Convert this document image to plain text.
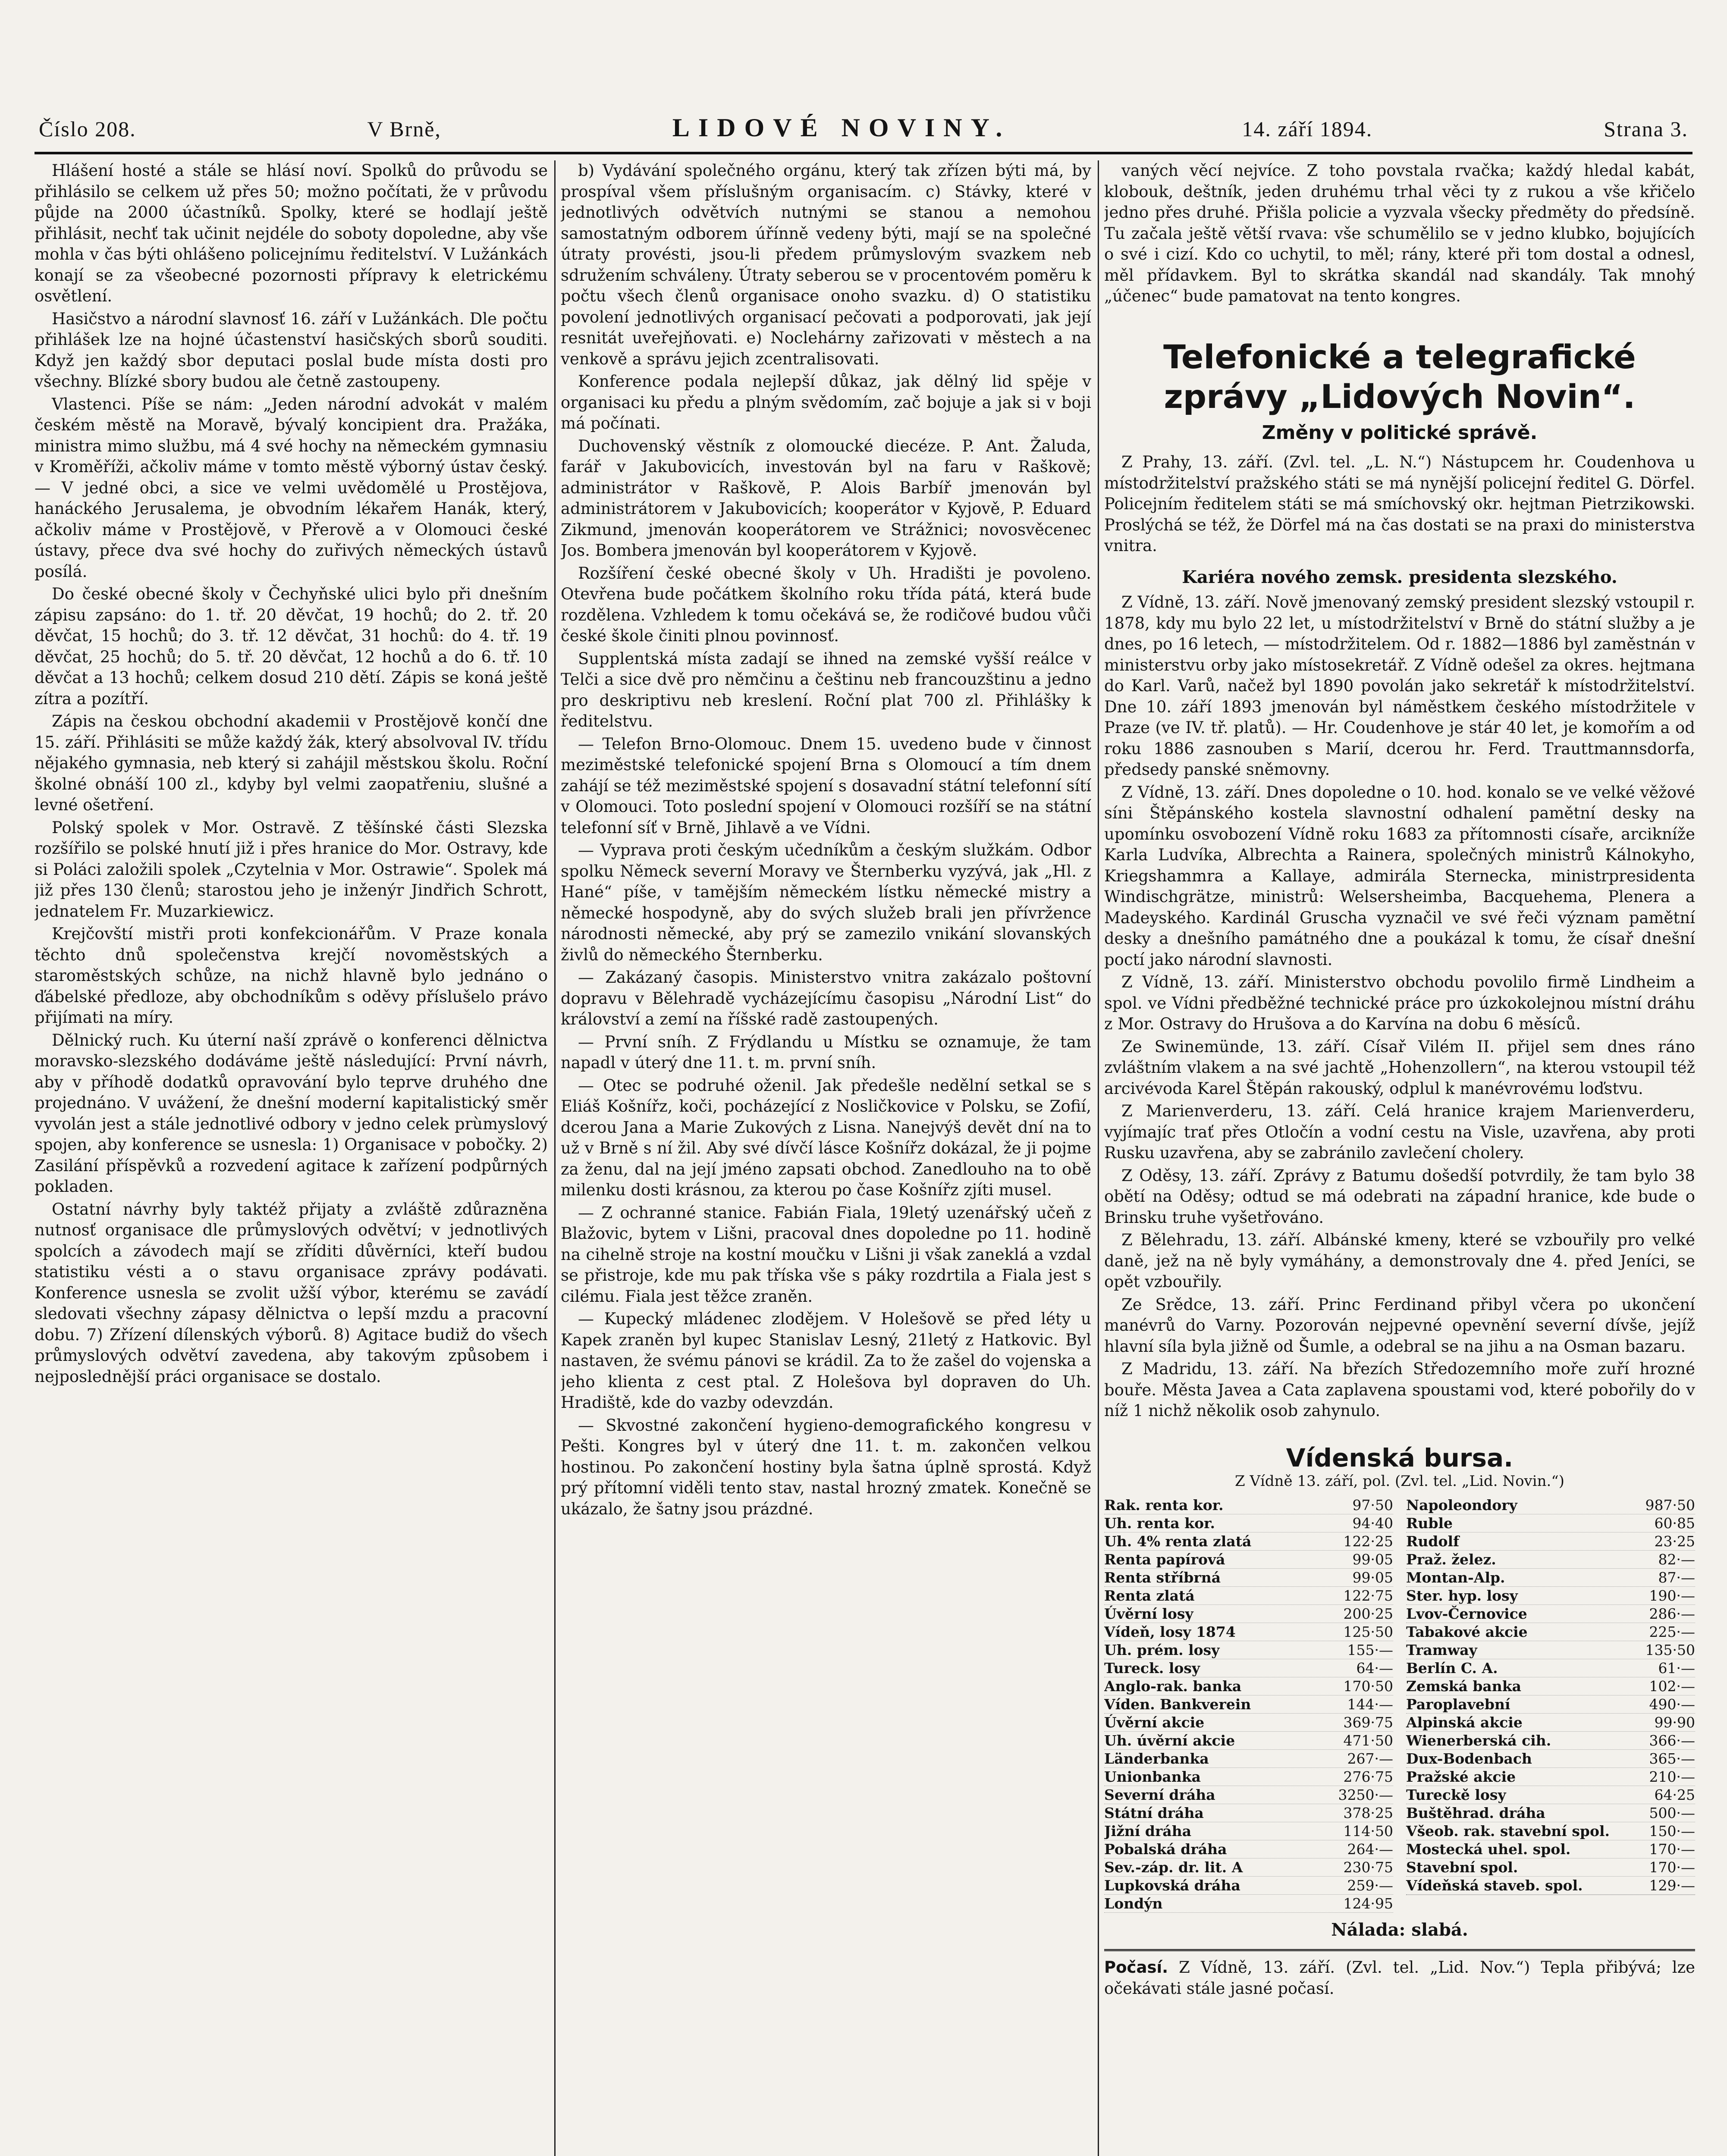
Číslo 208.	V Brně,	LIDOVÉ NOVINY.	14. září 1894.	Strana 3.

Hlášení hosté a stále se hlásí noví. Spolků do průvodu se přihlásilo se celkem už přes 50; možno počítati, že v průvodu půjde na 2000 účastníků. Spolky, které se hodlají ještě přihlásit, nechť tak učinit nejdéle do soboty dopoledne, aby vše mohla v čas býti ohlášeno policejnímu ředitelství. V Lužánkách konají se za všeobecné pozornosti přípravy k eletrickému osvětlení.

Hasičstvo a národní slavnosť 16. září v Lužánkách. Dle počtu přihlášek lze na hojné účastenství hasičských sborů souditi. Když jen každý sbor deputaci poslal bude místa dosti pro všechny. Blízké sbory budou ale četně zastoupeny.

Vlastenci. Píše se nám: „Jeden národní advokát v malém českém městě na Moravě, bývalý koncipient dra. Pražáka, ministra mimo službu, má 4 své hochy na německém gymnasiu v Kroměříži, ačkoliv máme v tomto městě výborný ústav český. — V jedné obci, a sice ve velmi uvědomělé u Prostějova, hanáckého Jerusalema, je obvodním lékařem Hanák, který, ačkoliv máme v Prostějově, v Přerově a v Olomouci české ústavy, přece dva své hochy do zuřivých německých ústavů posílá.

Do české obecné školy v Čechyňské ulici bylo při dnešním zápisu zapsáno: do 1. tř. 20 děvčat, 19 hochů; do 2. tř. 20 děvčat, 15 hochů; do 3. tř. 12 děvčat, 31 hochů: do 4. tř. 19 děvčat, 25 hochů; do 5. tř. 20 děvčat, 12 hochů a do 6. tř. 10 děvčat a 13 hochů; celkem dosud 210 dětí. Zápis se koná ještě zítra a pozítří.

Zápis na českou obchodní akademii v Prostějově končí dne 15. září. Přihlásiti se může každý žák, který absolvoval IV. třídu nějakého gymnasia, neb který si zahájil městskou školu. Roční školné obnáší 100 zl., kdyby byl velmi zaopatřeniu, slušné a levné ošetření.

Polský spolek v Mor. Ostravě. Z těšínské části Slezska rozšířilo se polské hnutí již i přes hranice do Mor. Ostravy, kde si Poláci založili spolek „Czytelnia v Mor. Ostrawie“. Spolek má již přes 130 členů; starostou jeho je inženýr Jindřich Schrott, jednatelem Fr. Muzarkiewicz.

Krejčovští mistři proti konfekcionářům. V Praze konala těchto dnů společenstva krejčí novoměstských a staroměstských schůze, na nichž hlavně bylo jednáno o ďábelské předloze, aby obchodníkům s oděvy příslušelo právo přijímati na míry.

Dělnický ruch. Ku úterní naší zprávě o konferenci dělnictva moravsko-slezského dodáváme ještě následující: První návrh, aby v příhodě dodatků opravování bylo teprve druhého dne projednáno. V uvážení, že dnešní moderní kapitalistický směr vyvolán jest a stále jednotlivé odbory v jedno celek prùmyslový spojen, aby konference se usnesla: 1) Organisace v pobočky. 2) Zasilání příspěvků a rozvedení agitace k zařízení podpůrných pokladen.

Ostatní návrhy byly taktéž přijaty a zvláště zdůrazněna nutnosť organisace dle průmyslových odvětví; v jednotlivých spolcích a závodech mají se zříditi důvěrníci, kteří budou statistiku vésti a o stavu organisace zprávy podávati. Konference usnesla se zvolit užší výbor, kterému se zavádí sledovati všechny zápasy dělnictva o lepší mzdu a pracovní dobu. 7) Zřízení dílenských výborů. 8) Agitace budiž do všech průmyslových odvětví zavedena, aby takovým způsobem i nejposlednější práci organisace se dostalo.

b) Vydávání společného orgánu, který tak zřízen býti má, by prospíval všem příslušným organisacím. c) Stávky, které v jednotlivých odvětvích nutnými se stanou a nemohou samostatným odborem úřínně vedeny býti, mají se na společné útraty provésti, jsou-li předem průmyslovým svazkem neb sdružením schváleny. Útraty seberou se v procentovém poměru k počtu všech členů organisace onoho svazku. d) O statistiku povolení jednotlivých organisací pečovati a podporovati, jak její resnitát uveřejňovati. e) Noclehárny zařizovati v městech a na venkově a správu jejich zcentralisovati.

Konference podala nejlepší důkaz, jak dělný lid spěje v organisaci ku předu a plným svědomím, zač bojuje a jak si v boji má počínati.

Duchovenský věstník z olomoucké diecéze. P. Ant. Žaluda, farář v Jakubovicích, investován byl na faru v Raškově; administrátor v Raškově, P. Alois Barbíř jmenován byl administrátorem v Jakubovicích; kooperátor v Kyjově, P. Eduard Zikmund, jmenován kooperátorem ve Strážnici; novosvěcenec Jos. Bombera jmenován byl kooperátorem v Kyjově.

Rozšíření české obecné školy v Uh. Hradišti je povoleno. Otevřena bude počátkem školního roku třída pátá, která bude rozdělena. Vzhledem k tomu očekává se, že rodičové budou vůči české škole činiti plnou povinnosť.

Supplentská místa zadají se ihned na zemské vyšší reálce v Telči a sice dvě pro němčinu a češtinu neb francouzštinu a jedno pro deskriptivu neb kreslení. Roční plat 700 zl. Přihlášky k ředitelstvu.

— Telefon Brno-Olomouc. Dnem 15. uvedeno bude v činnost meziměstské telefonické spojení Brna s Olomoucí a tím dnem zahájí se též meziměstské spojení s dosavadní státní telefonní sítí v Olomouci. Toto poslední spojení v Olomouci rozšíří se na státní telefonní síť v Brně, Jihlavě a ve Vídni.

— Vyprava proti českým učedníkům a českým služkám. Odbor spolku Německ severní Moravy ve Šternberku vyzývá, jak „Hl. z Hané“ píše, v tamějším německém lístku německé mistry a německé hospodyně, aby do svých služeb brali jen přívržence národnosti německé, aby prý se zamezilo vnikání slovanských živlů do německého Šternberku.

— Zakázaný časopis. Ministerstvo vnitra zakázalo poštovní dopravu v Bělehradě vycházejícímu časopisu „Národní List“ do království a zemí na říšské radě zastoupených.

— První sníh. Z Frýdlandu u Místku se oznamuje, že tam napadl v úterý dne 11. t. m. první sníh.

— Otec se podruhé oženil. Jak předešle nedělní setkal se s Eliáš Košnířz, koči, pocházející z Nosličkovice v Polsku, se Zofií, dcerou Jana a Marie Zukových z Lisna. Nanejvýš devět dní na to už v Brně s ní žil. Aby své dívčí lásce Košnířz dokázal, že ji pojme za ženu, dal na její jméno zapsati obchod. Zanedlouho na to obě milenku dosti krásnou, za kterou po čase Košnířz zjíti musel.

— Z ochranné stanice. Fabián Fiala, 19letý uzenářský učeň z Blažovic, bytem v Lišni, pracoval dnes dopoledne po 11. hodině na cihelně stroje na kostní moučku v Lišni ji však zaneklá a vzdal se přistroje, kde mu pak tříska vše s páky rozdrtila a Fiala jest s cilému. Fiala jest těžce zraněn.

— Kupecký mládenec zlodějem. V Holešově se před léty u Kapek zraněn byl kupec Stanislav Lesný, 21letý z Hatkovic. Byl nastaven, že svému pánovi se krádil. Za to že zašel do vojenska a jeho klienta z cest ptal. Z Holešova byl dopraven do Uh. Hradiště, kde do vazby odevzdán.

— Skvostné zakončení hygieno-demografického kongresu v Pešti. Kongres byl v úterý dne 11. t. m. zakončen velkou hostinou. Po zakončení hostiny byla šatna úplně sprostá. Když prý přítomní viděli tento stav, nastal hrozný zmatek. Konečně se ukázalo, že šatny jsou prázdné.

vaných věcí nejvíce. Z toho povstala rvačka; každý hledal kabát, klobouk, deštník, jeden druhému trhal věci ty z rukou a vše křičelo jedno přes druhé. Přišla policie a vyzvala všecky předměty do předsíně. Tu začala ještě větší rvava: vše schumělilo se v jedno klubko, bojujících o své i cizí. Kdo co uchytil, to měl; rány, které při tom dostal a odnesl, měl přídavkem. Byl to skrátka skandál nad skandály. Tak mnohý „účenec“ bude pamatovat na tento kongres.

Telefonické a telegrafické zprávy „Lidových Novin“.
Změny v politické správě.

Z Prahy, 13. září. (Zvl. tel. „L. N.“) Nástupcem hr. Coudenhova u místodržitelství pražského státi se má nynější policejní ředitel G. Dörfel. Policejním ředitelem státi se má smíchovský okr. hejtman Pietrzikowski. Proslýchá se též, že Dörfel má na čas dostati se na praxi do ministerstva vnitra.

Kariéra nového zemsk. presidenta slezského.

Z Vídně, 13. září. Nově jmenovaný zemský president slezský vstoupil r. 1878, kdy mu bylo 22 let, u místodržitelství v Brně do státní služby a je dnes, po 16 letech, — místodržitelem. Od r. 1882—1886 byl zaměstnán v ministerstvu orby jako místosekretář. Z Vídně odešel za okres. hejtmana do Karl. Varů, načež byl 1890 povolán jako sekretář k místodržitelství. Dne 10. září 1893 jmenován byl náměstkem českého místodržitele v Praze (ve IV. tř. platů). — Hr. Coudenhove je stár 40 let, je komořím a od roku 1886 zasnouben s Marií, dcerou hr. Ferd. Trauttmannsdorfa, předsedy panské sněmovny.

Z Vídně, 13. září. Dnes dopoledne o 10. hod. konalo se ve velké věžové síni Štěpánského kostela slavnostní odhalení pamětní desky na upomínku osvobození Vídně roku 1683 za přítomnosti císaře, arcikníže Karla Ludvíka, Albrechta a Rainera, společných ministrů Kálnokyho, Kriegshammra a Kallaye, admirála Sterneckа, ministrpresidenta Windischgrätze, ministrů: Welsersheimba, Bacquehema, Plenera a Madeyského. Kardinál Gruscha vyznačil ve své řeči význam pamětní desky a dnešního památného dne a poukázal k tomu, že císař dnešní poctí jako národní slavnosti.

Z Vídně, 13. září. Ministerstvo obchodu povolilo firmě Lindheim a spol. ve Vídni předběžné technické práce pro úzkokolejnou místní dráhu z Mor. Ostravy do Hrušova a do Karvína na dobu 6 měsíců.

Ze Swinemünde, 13. září. Císař Vilém II. přijel sem dnes ráno zvláštním vlakem a na své jachtě „Hohenzollern“, na kterou vstoupil též arcivévoda Karel Štěpán rakouský, odplul k manévrovému loďstvu.

Z Marienverderu, 13. září. Celá hranice krajem Marienverderu, vyjímajíc trať přes Otločín a vodní cestu na Visle, uzavřena, aby proti Rusku uzavřena, aby se zabránilo zavlečení cholery.

Z Oděsy, 13. září. Zprávy z Batumu došedší potvrdily, že tam bylo 38 obětí na Oděsy; odtud se má odebrati na západní hranice, kde bude o Brinsku truhe vyšetřováno.

Z Bělehradu, 13. září. Albánské kmeny, které se vzbouřily pro velké daně, jež na ně byly vymáhány, a demonstrovaly dne 4. před Jeníci, se opět vzbouřily.

Ze Srědce, 13. září. Princ Ferdinand přibyl včera po ukončení manévrů do Varny. Pozorován nejpevné opevnění severní dívše, jejíž hlavní síla byla jižně od Šumle, a odebral se na jihu a na Osman bazaru.

Z Madridu, 13. září. Na březích Středozemního moře zuří hrozné bouře. Města Javea a Cata zaplavena spoustami vod, které pobořily do v níž 1 nichž několik osob zahynulo.

Vídenská bursa.
Z Vídně 13. září, pol. (Zvl. tel. „Lid. Novin.“)
Rak. renta kor.	97·50
Uh. renta kor.	94·40
Uh. 4% renta zlatá	122·25
Renta papírová	99·05
Renta stříbrná	99·05
Renta zlatá	122·75
Úvěrní losy	200·25
Vídeň, losy 1874	125·50
Uh. prém. losy	155·—
Tureck. losy	64·—
Anglo-rak. banka	170·50
Víden. Bankverein	144·—
Úvěrní akcie	369·75
Uh. úvěrní akcie	471·50
Länderbanka	267·—
Unionbanka	276·75
Severní dráha	3250·—
Státní dráha	378·25
Jižní dráha	114·50
Pobalská dráha	264·—
Sev.-záp. dr. lit. A	230·75
Lupkovská dráha	259·—
Londýn	124·95
Napoleondory	987·50
Ruble	60·85
Rudolf	23·25
Praž. želez.	82·—
Montan-Alp.	87·—
Ster. hyp. losy	190·—
Lvov-Černovice	286·—
Tabakové akcie	225·—
Tramway	135·50
Berlín C. A.	61·—
Zemská banka	102·—
Paroplavební	490·—
Alpinská akcie	99·90
Wienerberská cih.	366·—
Dux-Bodenbach	365·—
Pražské akcie	210·—
Tureckě losy	64·25
Buštěhrad. dráha	500·—
Všeob. rak. stavební spol.	150·—
Mostecká uhel. spol.	170·—
Stavební spol.	170·—
Vídeňská staveb. spol.	129·—
Nálada: slabá.
Počasí. Z Vídně, 13. září. (Zvl. tel. „Lid. Nov.“) Tepla přibývá; lze očekávati stále jasné počasí.
